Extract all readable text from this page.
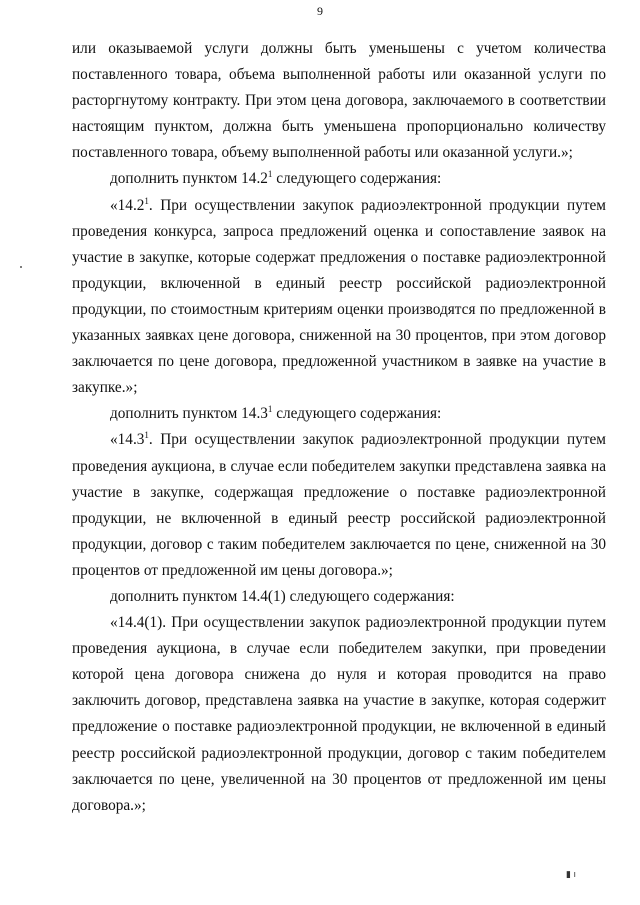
9

или оказываемой услуги должны быть уменьшены с учетом количества поставленного товара, объема выполненной работы или оказанной услуги по расторгнутому контракту. При этом цена договора, заключаемого в соответствии настоящим пунктом, должна быть уменьшена пропорционально количеству поставленного товара, объему выполненной работы или оказанной услуги.»;

дополнить пунктом 14.2$^1$ следующего содержания:

«14.2$^1$. При осуществлении закупок радиоэлектронной продукции путем проведения конкурса, запроса предложений оценка и сопоставление заявок на участие в закупке, которые содержат предложения о поставке радиоэлектронной продукции, включенной в единый реестр российской радиоэлектронной продукции, по стоимостным критериям оценки производятся по предложенной в указанных заявках цене договора, сниженной на 30 процентов, при этом договор заключается по цене договора, предложенной участником в заявке на участие в закупке.»;

дополнить пунктом 14.3$^1$ следующего содержания:

«14.3$^1$. При осуществлении закупок радиоэлектронной продукции путем проведения аукциона, в случае если победителем закупки представлена заявка на участие в закупке, содержащая предложение о поставке радиоэлектронной продукции, не включенной в единый реестр российской радиоэлектронной продукции, договор с таким победителем заключается по цене, сниженной на 30 процентов от предложенной им цены договора.»;

дополнить пунктом 14.4(1) следующего содержания:

«14.4(1). При осуществлении закупок радиоэлектронной продукции путем проведения аукциона, в случае если победителем закупки, при проведении которой цена договора снижена до нуля и которая проводится на право заключить договор, представлена заявка на участие в закупке, которая содержит предложение о поставке радиоэлектронной продукции, не включенной в единый реестр российской радиоэлектронной продукции, договор с таким победителем заключается по цене, увеличенной на 30 процентов от предложенной им цены договора.»;

▮ ı
